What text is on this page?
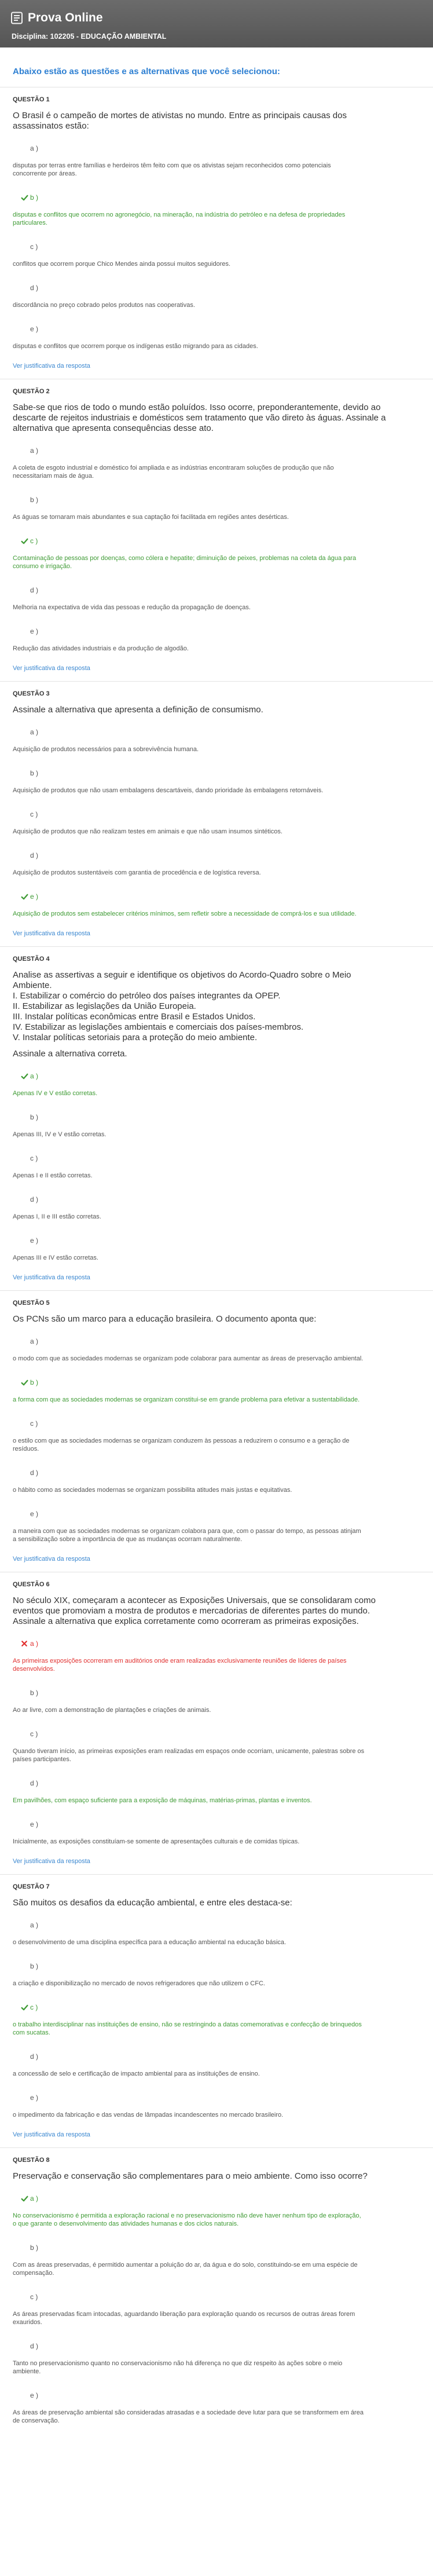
Prova Online
Disciplina: 102205 - EDUCAÇÃO AMBIENTAL
Abaixo estão as questões e as alternativas que você selecionou:
QUESTÃO 1
O Brasil é o campeão de mortes de ativistas no mundo. Entre as principais causas dos assassinatos estão:
a )
disputas por terras entre famílias e herdeiros têm feito com que os ativistas sejam reconhecidos como potenciais concorrente por áreas.
b )
disputas e conflitos que ocorrem no agronegócio, na mineração, na indústria do petróleo e na defesa de propriedades particulares.
c )
conflitos que ocorrem porque Chico Mendes ainda possui muitos seguidores.
d )
discordância no preço cobrado pelos produtos nas cooperativas.
e )
disputas e conflitos que ocorrem porque os indígenas estão migrando para as cidades.
Ver justificativa da resposta
QUESTÃO 2
Sabe-se que rios de todo o mundo estão poluídos. Isso ocorre, preponderantemente, devido ao descarte de rejeitos industriais e domésticos sem tratamento que vão direto às águas. Assinale a alternativa que apresenta consequências desse ato.
a )
A coleta de esgoto industrial e doméstico foi ampliada e as indústrias encontraram soluções de produção que não necessitariam mais de água.
b )
As águas se tornaram mais abundantes e sua captação foi facilitada em regiões antes desérticas.
c )
Contaminação de pessoas por doenças, como cólera e hepatite; diminuição de peixes, problemas na coleta da água para consumo e irrigação.
d )
Melhoria na expectativa de vida das pessoas e redução da propagação de doenças.
e )
Redução das atividades industriais e da produção de algodão.
Ver justificativa da resposta
QUESTÃO 3
Assinale a alternativa que apresenta a definição de consumismo.
a )
Aquisição de produtos necessários para a sobrevivência humana.
b )
Aquisição de produtos que não usam embalagens descartáveis, dando prioridade às embalagens retornáveis.
c )
Aquisição de produtos que não realizam testes em animais e que não usam insumos sintéticos.
d )
Aquisição de produtos sustentáveis com garantia de procedência e de logística reversa.
e )
Aquisição de produtos sem estabelecer critérios mínimos, sem refletir sobre a necessidade de comprá-los e sua utilidade.
Ver justificativa da resposta
QUESTÃO 4
Analise as assertivas a seguir e identifique os objetivos do Acordo-Quadro sobre o Meio Ambiente.
I. Estabilizar o comércio do petróleo dos países integrantes da OPEP.
II. Estabilizar as legislações da União Europeia.
III. Instalar políticas econômicas entre Brasil e Estados Unidos.
IV. Estabilizar as legislações ambientais e comerciais dos países-membros.
V. Instalar políticas setoriais para a proteção do meio ambiente.
Assinale a alternativa correta.
a )
Apenas IV e V estão corretas.
b )
Apenas III, IV e V estão corretas.
c )
Apenas I e II estão corretas.
d )
Apenas I, II e III estão corretas.
e )
Apenas III e IV estão corretas.
Ver justificativa da resposta
QUESTÃO 5
Os PCNs são um marco para a educação brasileira. O documento aponta que:
a )
o modo com que as sociedades modernas se organizam pode colaborar para aumentar as áreas de preservação ambiental.
b )
a forma com que as sociedades modernas se organizam constitui-se em grande problema para efetivar a sustentabilidade.
c )
o estilo com que as sociedades modernas se organizam conduzem às pessoas a reduzirem o consumo e a geração de resíduos.
d )
o hábito como as sociedades modernas se organizam possibilita atitudes mais justas e equitativas.
e )
a maneira com que as sociedades modernas se organizam colabora para que, com o passar do tempo, as pessoas atinjam a sensibilização sobre a importância de que as mudanças ocorram naturalmente.
Ver justificativa da resposta
QUESTÃO 6
No século XIX, começaram a acontecer as Exposições Universais, que se consolidaram como eventos que promoviam a mostra de produtos e mercadorias de diferentes partes do mundo. Assinale a alternativa que explica corretamente como ocorreram as primeiras exposições.
a )
As primeiras exposições ocorreram em auditórios onde eram realizadas exclusivamente reuniões de líderes de países desenvolvidos.
b )
Ao ar livre, com a demonstração de plantações e criações de animais.
c )
Quando tiveram início, as primeiras exposições eram realizadas em espaços onde ocorriam, unicamente, palestras sobre os países participantes.
d )
Em pavilhões, com espaço suficiente para a exposição de máquinas, matérias-primas, plantas e inventos.
e )
Inicialmente, as exposições constituíam-se somente de apresentações culturais e de comidas típicas.
Ver justificativa da resposta
QUESTÃO 7
São muitos os desafios da educação ambiental, e entre eles destaca-se:
a )
o desenvolvimento de uma disciplina específica para a educação ambiental na educação básica.
b )
a criação e disponibilização no mercado de novos refrigeradores que não utilizem o CFC.
c )
o trabalho interdisciplinar nas instituições de ensino, não se restringindo a datas comemorativas e confecção de brinquedos com sucatas.
d )
a concessão de selo e certificação de impacto ambiental para as instituições de ensino.
e )
o impedimento da fabricação e das vendas de lâmpadas incandescentes no mercado brasileiro.
Ver justificativa da resposta
QUESTÃO 8
Preservação e conservação são complementares para o meio ambiente. Como isso ocorre?
a )
No conservacionismo é permitida a exploração racional e no preservacionismo não deve haver nenhum tipo de exploração, o que garante o desenvolvimento das atividades humanas e dos ciclos naturais.
b )
Com as áreas preservadas, é permitido aumentar a poluição do ar, da água e do solo, constituindo-se em uma espécie de compensação.
c )
As áreas preservadas ficam intocadas, aguardando liberação para exploração quando os recursos de outras áreas forem exauridos.
d )
Tanto no preservacionismo quanto no conservacionismo não há diferença no que diz respeito às ações sobre o meio ambiente.
e )
As áreas de preservação ambiental são consideradas atrasadas e a sociedade deve lutar para que se transformem em área de conservação.
